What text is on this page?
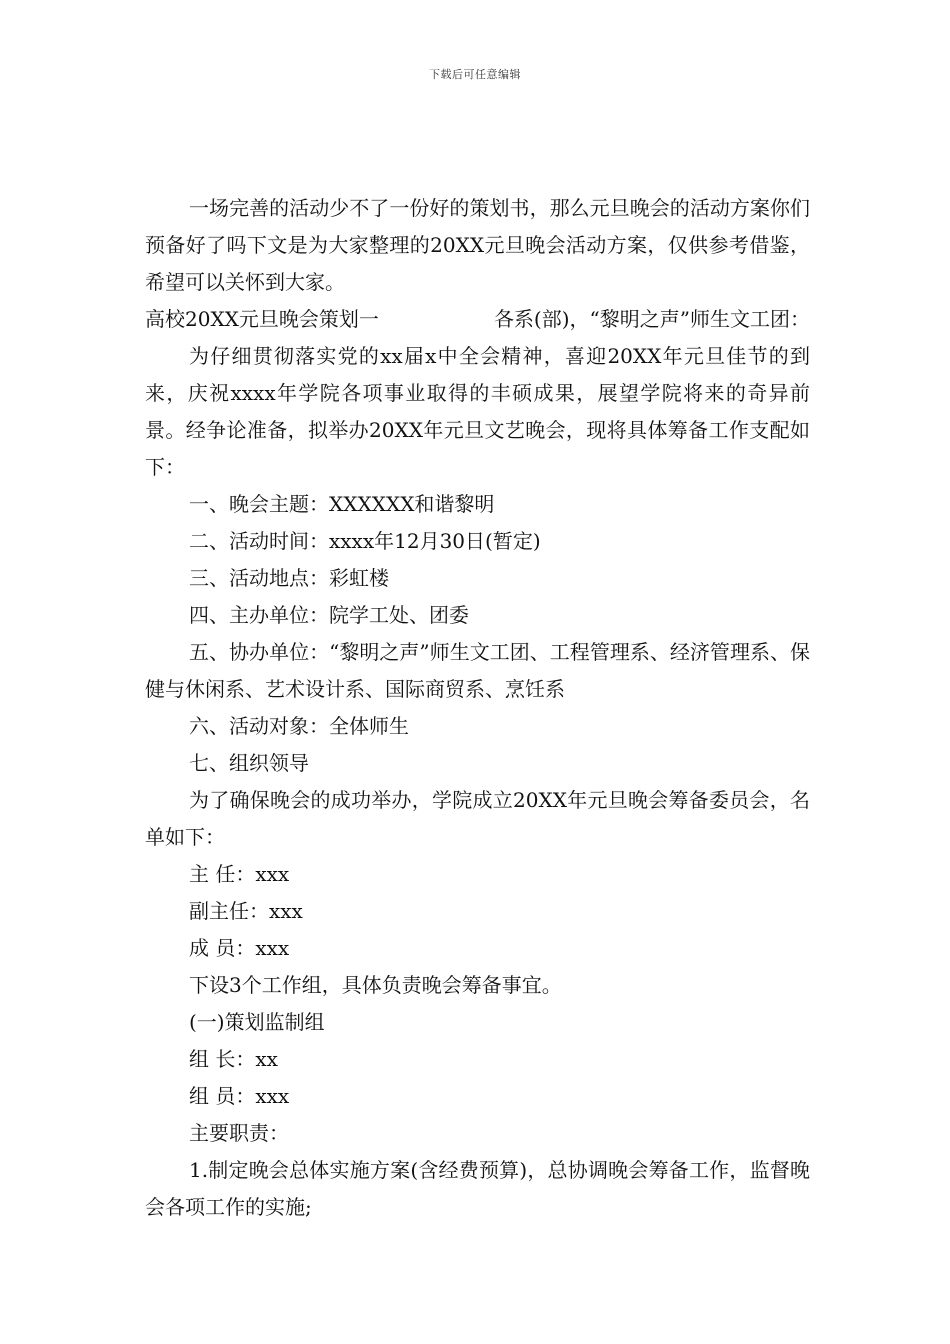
下载后可任意编辑

一场完善的活动少不了一份好的策划书，那么元旦晚会的活动方案你们预备好了吗下文是为大家整理的20XX元旦晚会活动方案，仅供参考借鉴，希望可以关怀到大家。

高校20XX元旦晚会策划一	各系(部)，“黎明之声”师生文工团：

为仔细贯彻落实党的xx届x中全会精神，喜迎20XX年元旦佳节的到来，庆祝xxxx年学院各项事业取得的丰硕成果，展望学院将来的奇异前景。经争论准备，拟举办20XX年元旦文艺晚会，现将具体筹备工作支配如下：

一、晚会主题：XXXXXX和谐黎明

二、活动时间：xxxx年12月30日(暂定)

三、活动地点：彩虹楼

四、主办单位：院学工处、团委

五、协办单位：“黎明之声”师生文工团、工程管理系、经济管理系、保健与休闲系、艺术设计系、国际商贸系、烹饪系

六、活动对象：全体师生

七、组织领导

为了确保晚会的成功举办，学院成立20XX年元旦晚会筹备委员会，名单如下：

主 任：xxx

副主任：xxx

成 员：xxx

下设3个工作组，具体负责晚会筹备事宜。

(一)策划监制组

组 长：xx

组 员：xxx

主要职责：

1.制定晚会总体实施方案(含经费预算)，总协调晚会筹备工作，监督晚会各项工作的实施;
